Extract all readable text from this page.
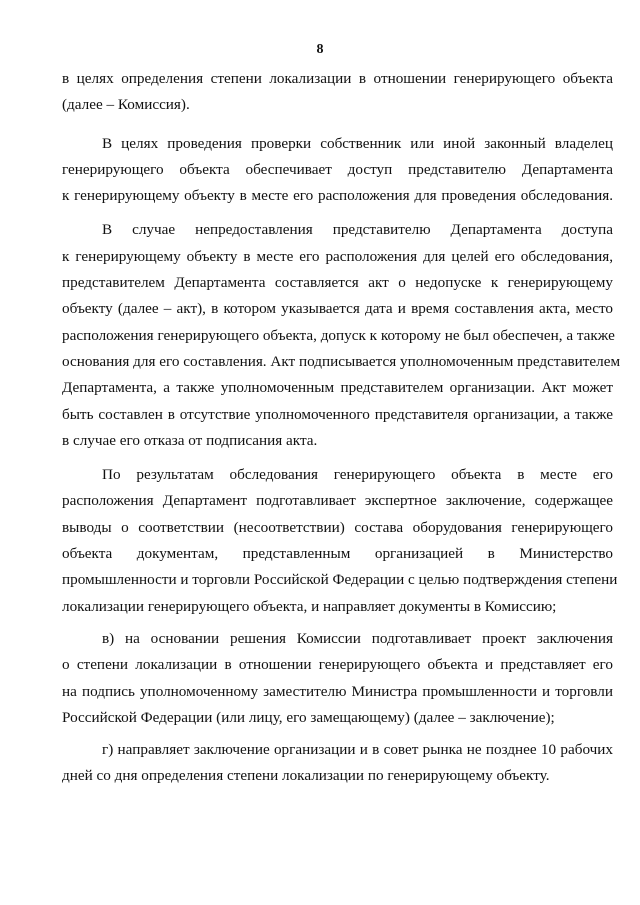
8
в целях определения степени локализации в отношении генерирующего объекта
(далее – Комиссия).
В целях проведения проверки собственник или иной законный владелец
генерирующего объекта обеспечивает доступ представителю Департамента
к генерирующему объекту в месте его расположения для проведения обследования.
В случае непредоставления представителю Департамента доступа
к генерирующему объекту в месте его расположения для целей его обследования,
представителем Департамента составляется акт о недопуске к генерирующему
объекту (далее – акт), в котором указывается дата и время составления акта, место
расположения генерирующего объекта, допуск к которому не был обеспечен, а также
основания для его составления. Акт подписывается уполномоченным представителем
Департамента, а также уполномоченным представителем организации. Акт может
быть составлен в отсутствие уполномоченного представителя организации, а также
в случае его отказа от подписания акта.
По результатам обследования генерирующего объекта в месте его
расположения Департамент подготавливает экспертное заключение, содержащее
выводы о соответствии (несоответствии) состава оборудования генерирующего
объекта документам, представленным организацией в Министерство
промышленности и торговли Российской Федерации с целью подтверждения степени
локализации генерирующего объекта, и направляет документы в Комиссию;
в) на основании решения Комиссии подготавливает проект заключения
о степени локализации в отношении генерирующего объекта и представляет его
на подпись уполномоченному заместителю Министра промышленности и торговли
Российской Федерации (или лицу, его замещающему) (далее – заключение);
г) направляет заключение организации и в совет рынка не позднее 10 рабочих
дней со дня определения степени локализации по генерирующему объекту.
